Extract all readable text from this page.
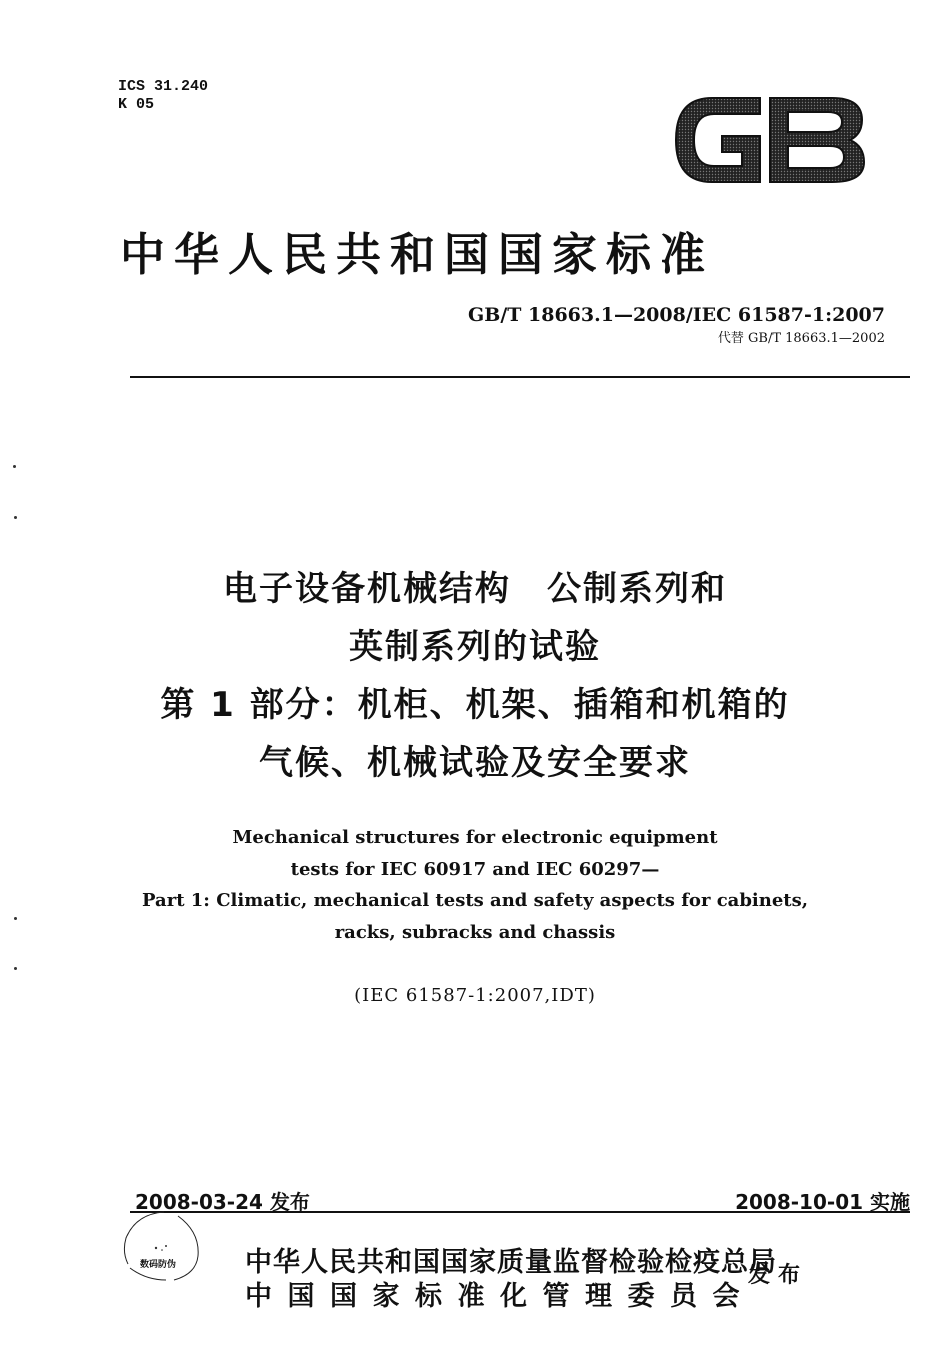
ICS 31.240
K 05
中华人民共和国国家标准
GB/T 18663.1—2008/IEC 61587-1:2007
代替 GB/T 18663.1—2002
电子设备机械结构　公制系列和
英制系列的试验
第 1 部分：机柜、机架、插箱和机箱的
气候、机械试验及安全要求
Mechanical structures for electronic equipment
tests for IEC 60917 and IEC 60297—
Part 1: Climatic, mechanical tests and safety aspects for cabinets,
racks, subracks and chassis
(IEC 61587-1:2007,IDT)
2008-03-24 发布	2008-10-01 实施
数码防伪	中华人民共和国国家质量监督检验检疫总局
中国国家标准化管理委员会
发布
